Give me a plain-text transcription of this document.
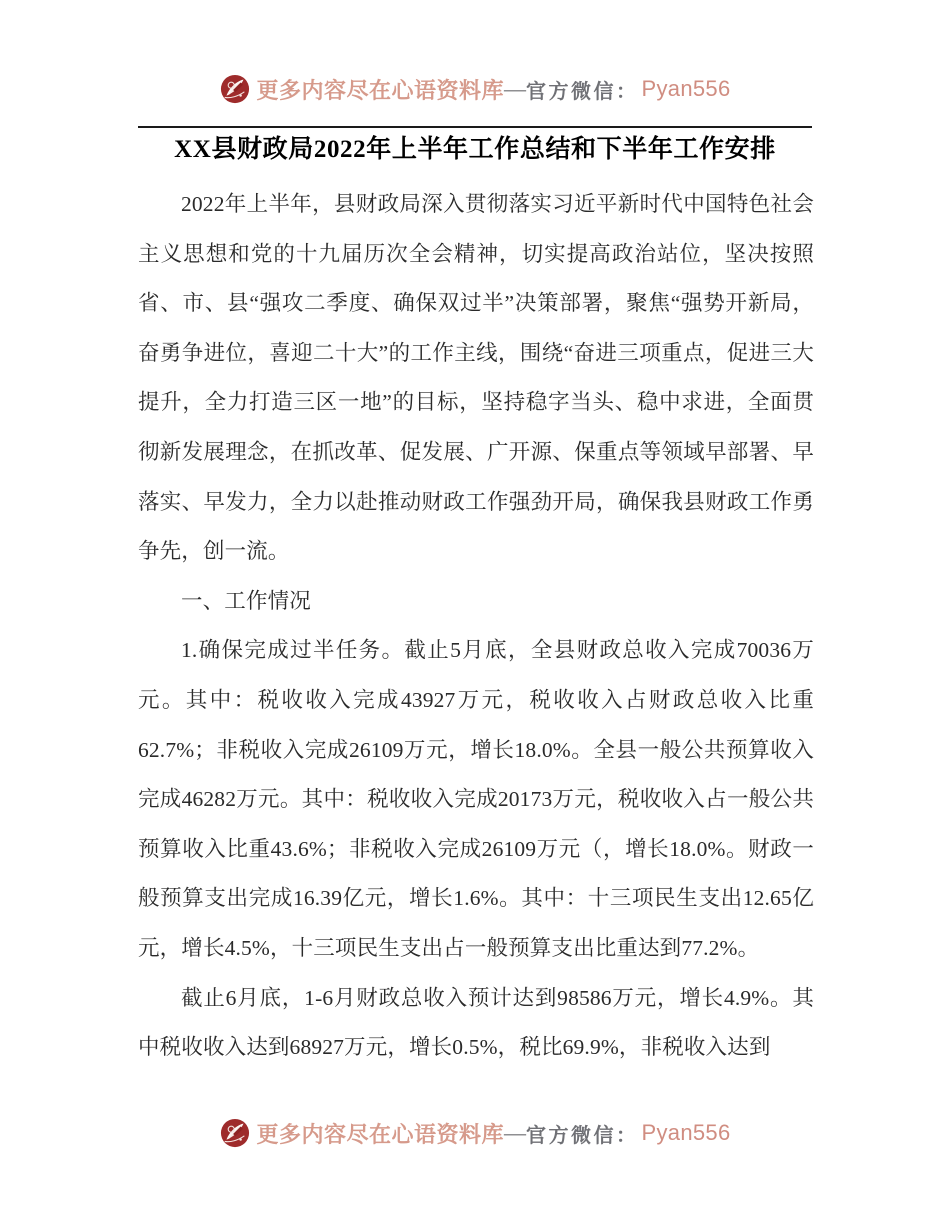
更多内容尽在心语资料库 — 官方微信： Pyan556
XX县财政局2022年上半年工作总结和下半年工作安排

2022年上半年，县财政局深入贯彻落实习近平新时代中国特色社会主义思想和党的十九届历次全会精神，切实提高政治站位，坚决按照省、市、县“强攻二季度、确保双过半”决策部署，聚焦“强势开新局，奋勇争进位，喜迎二十大”的工作主线，围绕“奋进三项重点，促进三大提升，全力打造三区一地”的目标，坚持稳字当头、稳中求进，全面贯彻新发展理念，在抓改革、促发展、广开源、保重点等领域早部署、早落实、早发力，全力以赴推动财政工作强劲开局，确保我县财政工作勇争先，创一流。

一、工作情况

1.确保完成过半任务。截止5月底，全县财政总收入完成70036万元。其中：税收收入完成43927万元，税收收入占财政总收入比重62.7%；非税收入完成26109万元，增长18.0%。全县一般公共预算收入完成46282万元。其中：税收收入完成20173万元，税收收入占一般公共预算收入比重43.6%；非税收入完成26109万元（，增长18.0%。财政一般预算支出完成16.39亿元，增长1.6%。其中：十三项民生支出12.65亿元，增长4.5%，十三项民生支出占一般预算支出比重达到77.2%。

截止6月底，1-6月财政总收入预计达到98586万元，增长4.9%。其中税收收入达到68927万元，增长0.5%，税比69.9%，非税收入达到

更多内容尽在心语资料库 — 官方微信： Pyan556
